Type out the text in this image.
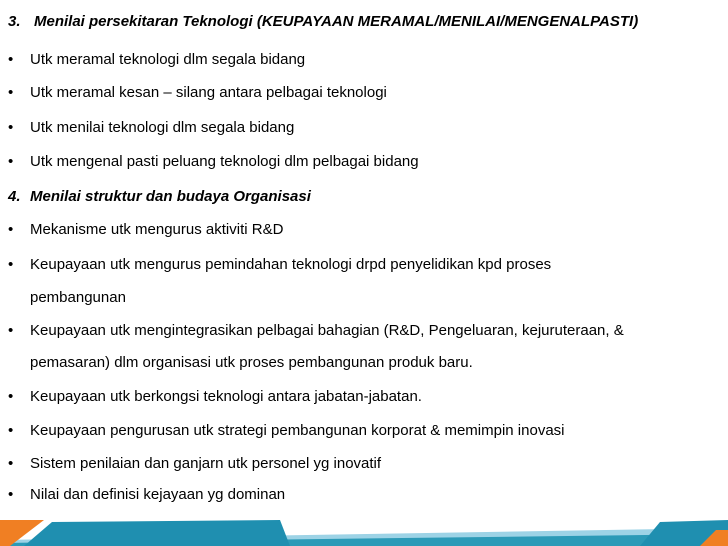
3. Menilai persekitaran Teknologi (KEUPAYAAN MERAMAL/MENILAI/MENGENALPASTI)
• Utk meramal teknologi dlm segala bidang
• Utk meramal kesan – silang antara pelbagai teknologi
• Utk menilai teknologi dlm segala bidang
• Utk mengenal pasti peluang teknologi dlm pelbagai bidang
4. Menilai struktur dan budaya Organisasi
• Mekanisme utk mengurus aktiviti R&D
• Keupayaan utk mengurus pemindahan teknologi drpd penyelidikan kpd proses
pembangunan
• Keupayaan utk mengintegrasikan pelbagai bahagian (R&D, Pengeluaran, kejuruteraan, &
pemasaran) dlm organisasi utk proses pembangunan produk baru.
• Keupayaan utk berkongsi teknologi antara jabatan-jabatan.
• Keupayaan pengurusan utk strategi pembangunan korporat & memimpin inovasi
• Sistem penilaian dan ganjarn utk personel yg inovatif
• Nilai dan definisi kejayaan yg dominan
